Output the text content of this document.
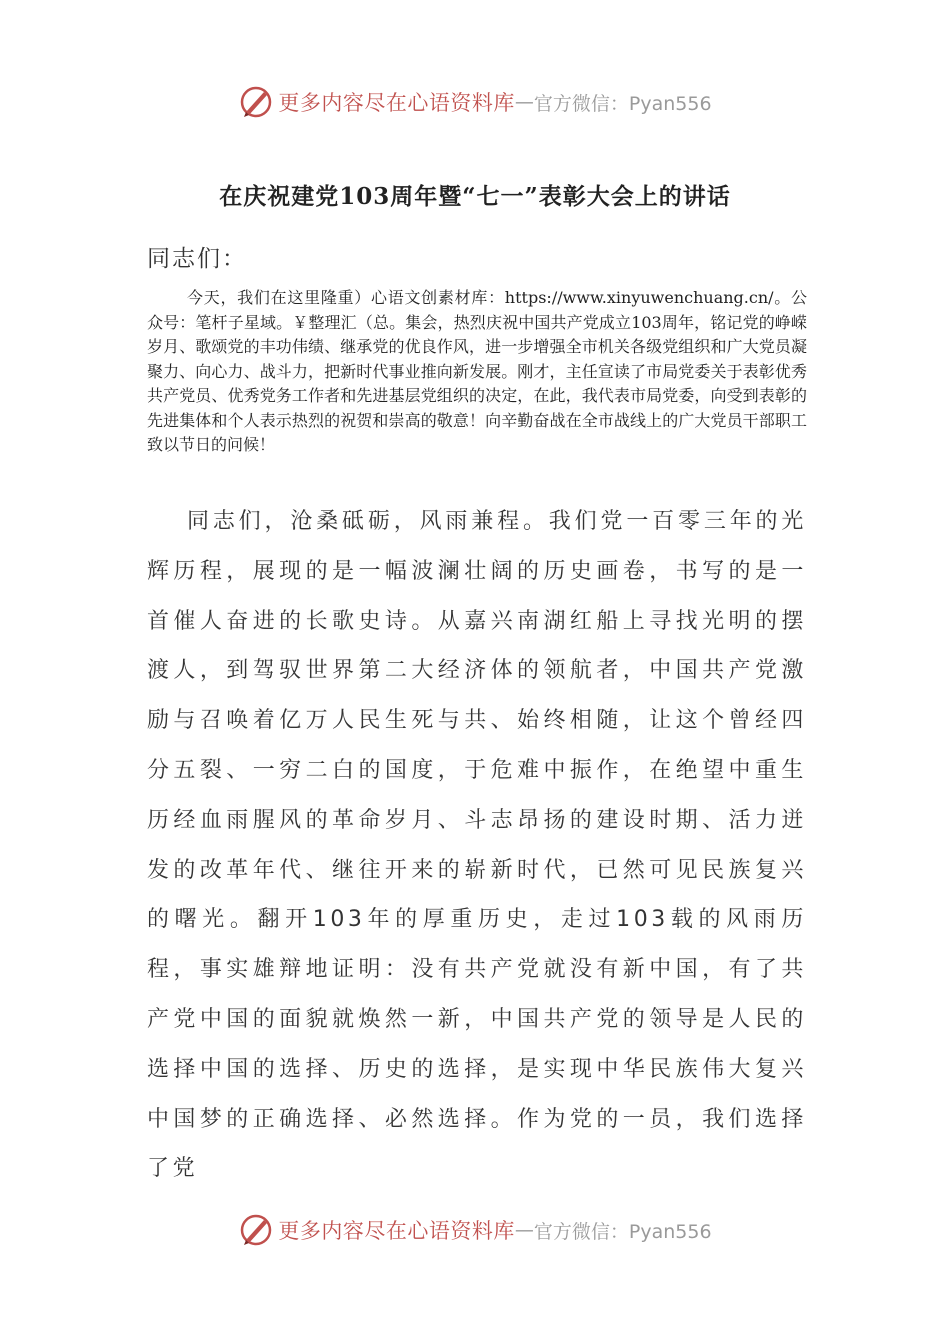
更多内容尽在心语资料库 — 官方微信：Pyan556
在庆祝建党103周年暨“七一”表彰大会上的讲话
同志们：
今天，我们在这里隆重）心语文创素材库：https://www.xinyuwenchuang.cn/。公众号：笔杆子星域。￥整理汇（总。集会，热烈庆祝中国共产党成立103周年，铭记党的峥嵘岁月、歌颂党的丰功伟绩、继承党的优良作风，进一步增强全市机关各级党组织和广大党员凝聚力、向心力、战斗力，把新时代事业推向新发展。刚才，主任宣读了市局党委关于表彰优秀共产党员、优秀党务工作者和先进基层党组织的决定，在此，我代表市局党委，向受到表彰的先进集体和个人表示热烈的祝贺和崇高的敬意！向辛勤奋战在全市战线上的广大党员干部职工致以节日的问候！
同志们，沧桑砥砺，风雨兼程。我们党一百零三年的光辉历程，展现的是一幅波澜壮阔的历史画卷，书写的是一首催人奋进的长歌史诗。从嘉兴南湖红船上寻找光明的摆渡人，到驾驭世界第二大经济体的领航者，中国共产党激励与召唤着亿万人民生死与共、始终相随，让这个曾经四分五裂、一穷二白的国度，于危难中振作，在绝望中重生历经血雨腥风的革命岁月、斗志昂扬的建设时期、活力迸发的改革年代、继往开来的崭新时代，已然可见民族复兴的曙光。翻开103年的厚重历史，走过103载的风雨历程，事实雄辩地证明：没有共产党就没有新中国，有了共产党中国的面貌就焕然一新，中国共产党的领导是人民的选择中国的选择、历史的选择，是实现中华民族伟大复兴中国梦的正确选择、必然选择。作为党的一员，我们选择了党
更多内容尽在心语资料库 — 官方微信：Pyan556
